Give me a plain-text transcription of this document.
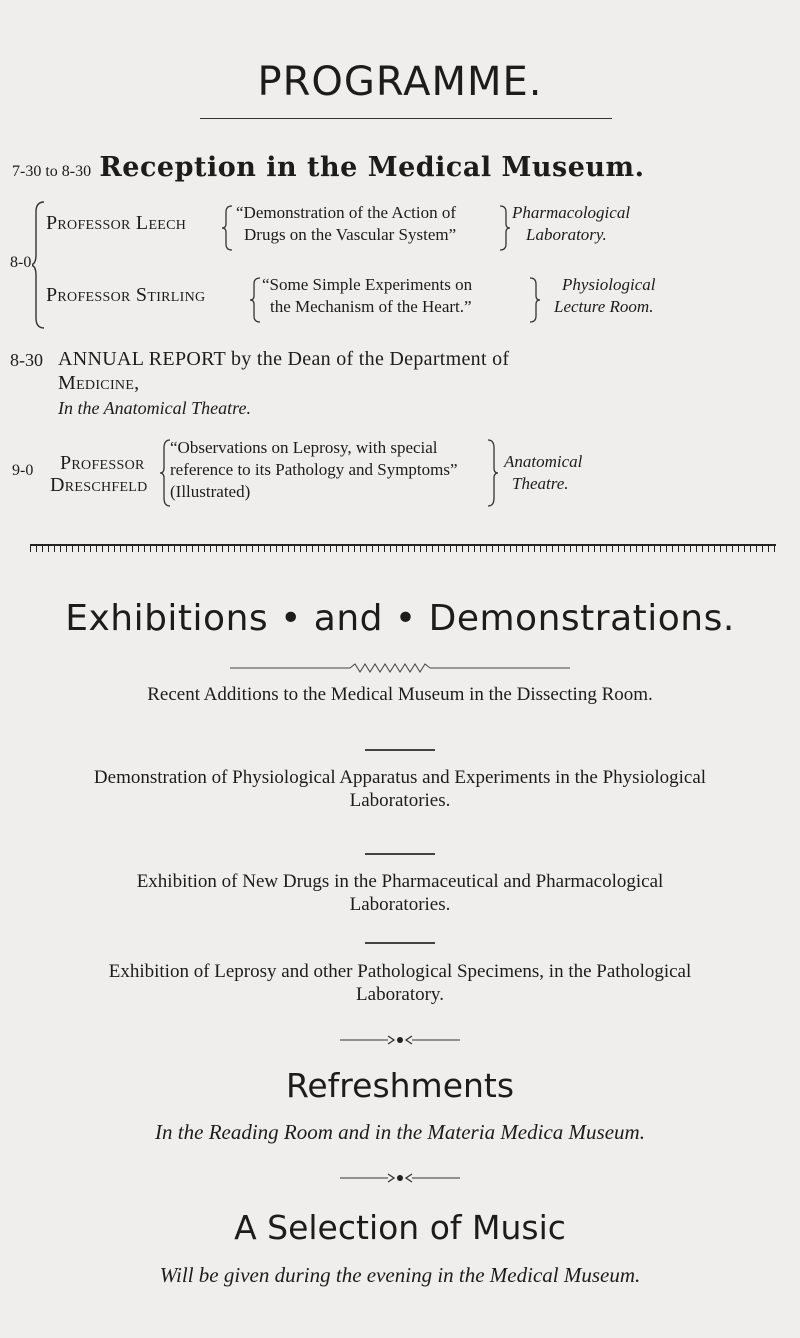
PROGRAMME.
7-30 to 8-30 Reception in the Medical Museum.
8-0
Professor Leech	“Demonstration of the Action of
Drugs on the Vascular System”
Pharmacological
Laboratory.
Professor Stirling	“Some Simple Experiments on
the Mechanism of the Heart.”
Physiological
Lecture Room.
8-30 ANNUAL REPORT by the Dean of the Department of
Medicine,
In the Anatomical Theatre.
9-0 Professor
Dreschfeld
“Observations on Leprosy, with special
reference to its Pathology and Symptoms”
(Illustrated)
Anatomical
Theatre.
Exhibitions • and • Demonstrations.
Recent Additions to the Medical Museum in the Dissecting Room.
Demonstration of Physiological Apparatus and Experiments in the Physiological
Laboratories.
Exhibition of New Drugs in the Pharmaceutical and Pharmacological
Laboratories.
Exhibition of Leprosy and other Pathological Specimens, in the Pathological
Laboratory.
Refreshments
In the Reading Room and in the Materia Medica Museum.
A Selection of Music
Will be given during the evening in the Medical Museum.
